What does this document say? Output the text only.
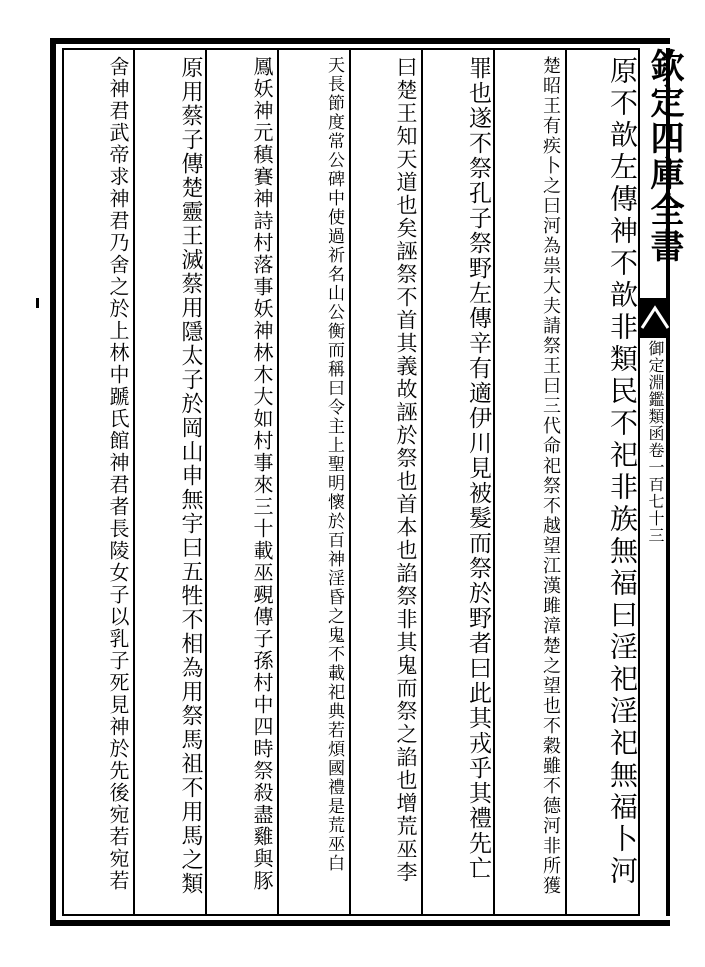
欽定四庫全書
御定淵鑑類函卷一百七十三
原不歆左傳神不歆非類民不祀非族無福曰淫祀淫祀無福卜河
楚昭王有疾卜之曰河為祟大夫請祭王曰三代命祀祭不越望江漢雎漳楚之望也不穀雖不德河非所獲
罪也遂不祭孔子祭野左傳辛有適伊川見被髮而祭於野者曰此其戎乎其禮先亡
曰楚王知天道也矣誣祭不首其義故誣於祭也首本也諂祭非其鬼而祭之諂也增荒巫李
天長節度常公碑中使過祈名山公衡而稱曰令主上聖明懷於百神淫昏之鬼不載祀典若煩國禮是荒巫白
鳳妖神元稹賽神詩村落事妖神林木大如村事來三十載巫覡傳子孫村中四時祭殺盡雞與豚
原用蔡子傳楚靈王滅蔡用隱太子於岡山申無宇曰五牲不相為用祭馬祖不用馬之類
舍神君武帝求神君乃舍之於上林中蹏氏館神君者長陵女子以乳子死見神於先後宛若宛若
